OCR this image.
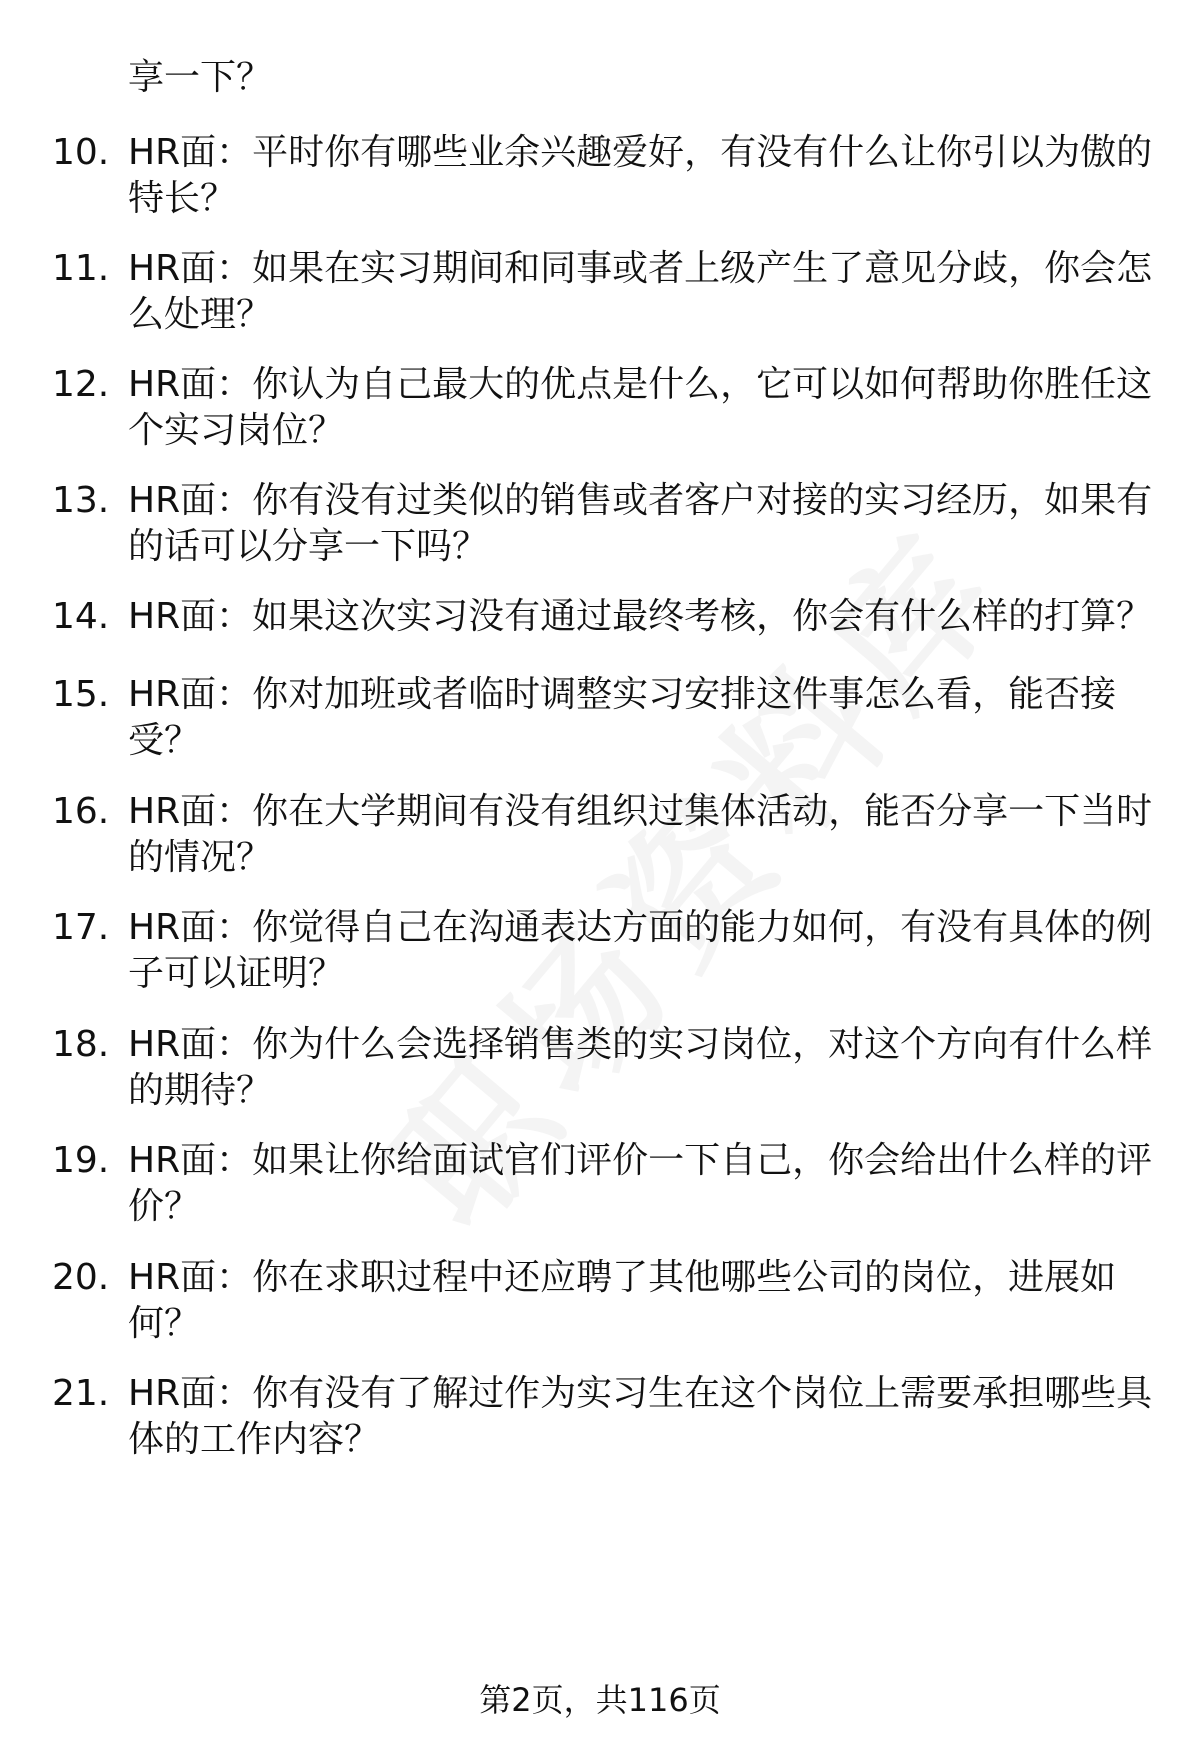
享一下？
10. HR面：平时你有哪些业余兴趣爱好，有没有什么让你引以为傲的特长？
11. HR面：如果在实习期间和同事或者上级产生了意见分歧，你会怎么处理？
12. HR面：你认为自己最大的优点是什么，它可以如何帮助你胜任这个实习岗位？
13. HR面：你有没有过类似的销售或者客户对接的实习经历，如果有的话可以分享一下吗？
14. HR面：如果这次实习没有通过最终考核，你会有什么样的打算？
15. HR面：你对加班或者临时调整实习安排这件事怎么看，能否接受？
16. HR面：你在大学期间有没有组织过集体活动，能否分享一下当时的情况？
17. HR面：你觉得自己在沟通表达方面的能力如何，有没有具体的例子可以证明？
18. HR面：你为什么会选择销售类的实习岗位，对这个方向有什么样的期待？
19. HR面：如果让你给面试官们评价一下自己，你会给出什么样的评价？
20. HR面：你在求职过程中还应聘了其他哪些公司的岗位，进展如何？
21. HR面：你有没有了解过作为实习生在这个岗位上需要承担哪些具体的工作内容？
第2页，共116页
